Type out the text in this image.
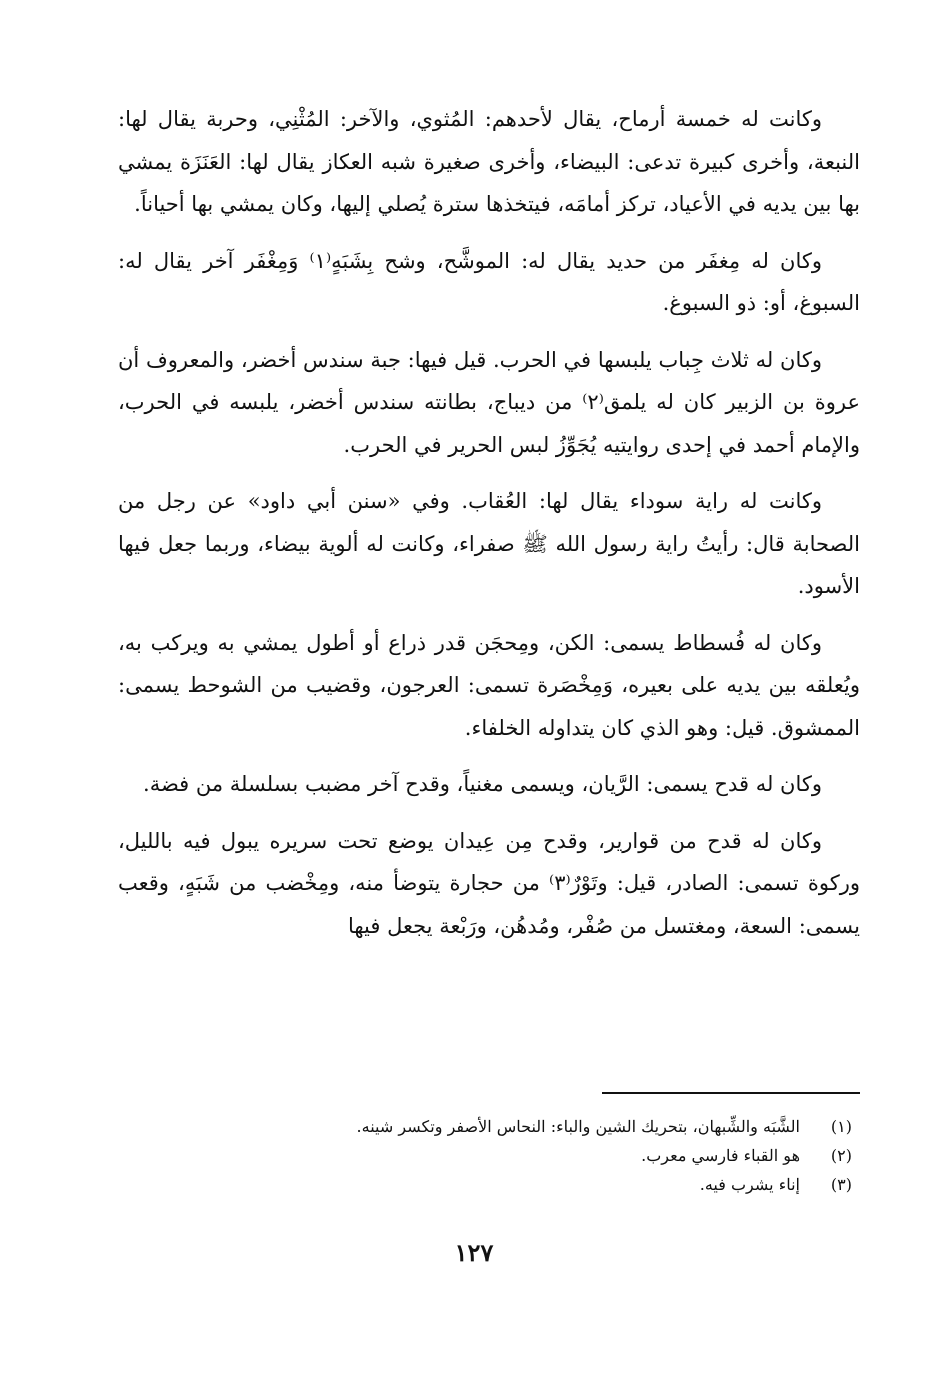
وكانت له خمسة أرماح، يقال لأحدهم: المُثوي، والآخر: المُثْنِي، وحربة يقال لها: النبعة، وأخرى كبيرة تدعى: البيضاء، وأخرى صغيرة شبه العكاز يقال لها: العَنَزَة يمشي بها بين يديه في الأعياد، تركز أمامَه، فيتخذها سترة يُصلي إليها، وكان يمشي بها أحياناً.

وكان له مِغفَر من حديد يقال له: الموشَّح، وشح بِشَبَهٍ⁽١⁾ وَمِغْفَر آخر يقال له: السبوغ، أو: ذو السبوغ.

وكان له ثلاث جِباب يلبسها في الحرب. قيل فيها: جبة سندس أخضر، والمعروف أن عروة بن الزبير كان له يلمق⁽٢⁾ من ديباج، بطانته سندس أخضر، يلبسه في الحرب، والإمام أحمد في إحدى روايتيه يُجَوِّزُ لبس الحرير في الحرب.

وكانت له راية سوداء يقال لها: العُقاب. وفي «سنن أبي داود» عن رجل من الصحابة قال: رأيتُ راية رسول الله ﷺ صفراء، وكانت له ألوية بيضاء، وربما جعل فيها الأسود.

وكان له فُسطاط يسمى: الكن، ومِحجَن قدر ذراع أو أطول يمشي به ويركب به، ويُعلقه بين يديه على بعيره، وَمِخْصَرة تسمى: العرجون، وقضيب من الشوحط يسمى: الممشوق. قيل: وهو الذي كان يتداوله الخلفاء.

وكان له قدح يسمى: الرَّيان، ويسمى مغنياً، وقدح آخر مضبب بسلسلة من فضة.

وكان له قدح من قوارير، وقدح مِن عِيدان يوضع تحت سريره يبول فيه بالليل، وركوة تسمى: الصادر، قيل: وتَوْرٌ⁽٣⁾ من حجارة يتوضأ منه، ومِخْضب من شَبَهٍ، وقعب يسمى: السعة، ومغتسل من صُفْر، ومُدهُن، ورَبْعة يجعل فيها

(١)
الشَّبَه والشِّبهان، بتحريك الشين والباء: النحاس الأصفر وتكسر شينه.
(٢)
هو القباء فارسي معرب.
(٣)
إناء يشرب فيه.
١٢٧
